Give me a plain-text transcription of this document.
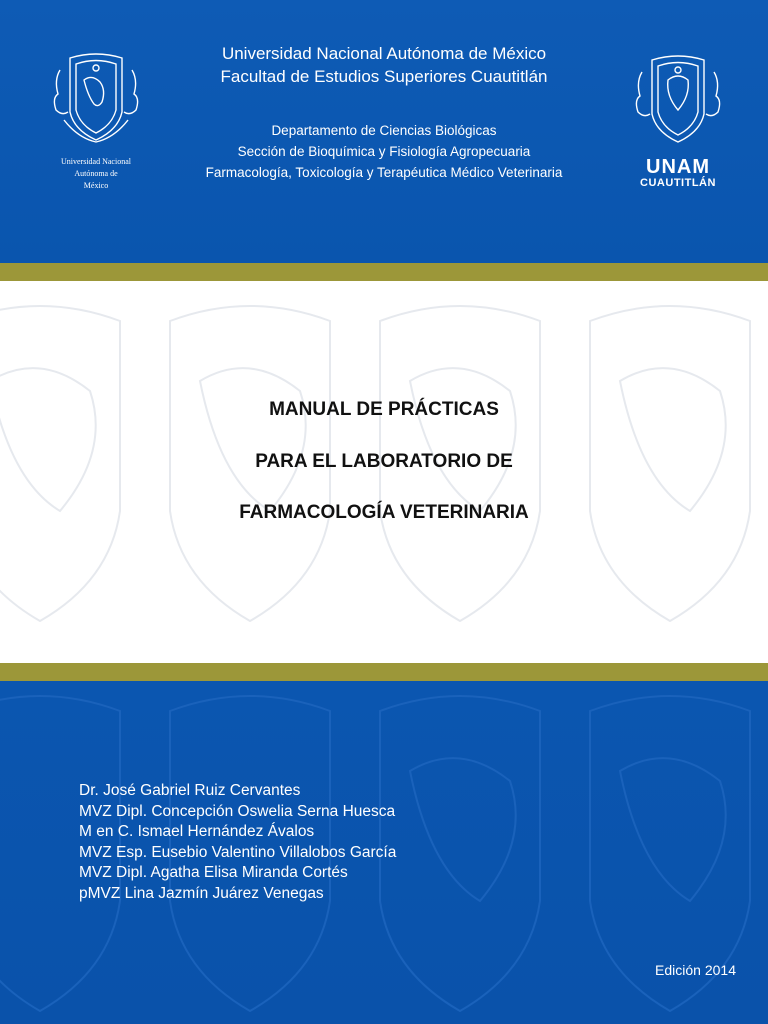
Universidad Nacional
Autónoma de
México
UNAM
CUAUTITLÁN
Universidad Nacional Autónoma de México
Facultad de Estudios Superiores Cuautitlán
Departamento de Ciencias Biológicas
Sección de Bioquímica y Fisiología Agropecuaria
Farmacología, Toxicología y Terapéutica Médico Veterinaria
MANUAL DE PRÁCTICAS
PARA EL LABORATORIO DE
FARMACOLOGÍA VETERINARIA
Dr. José Gabriel Ruiz Cervantes
MVZ Dipl. Concepción Oswelia Serna Huesca
M en C. Ismael Hernández Ávalos
MVZ Esp. Eusebio Valentino Villalobos García
MVZ Dipl. Agatha Elisa Miranda Cortés
pMVZ Lina Jazmín Juárez Venegas
Edición 2014
